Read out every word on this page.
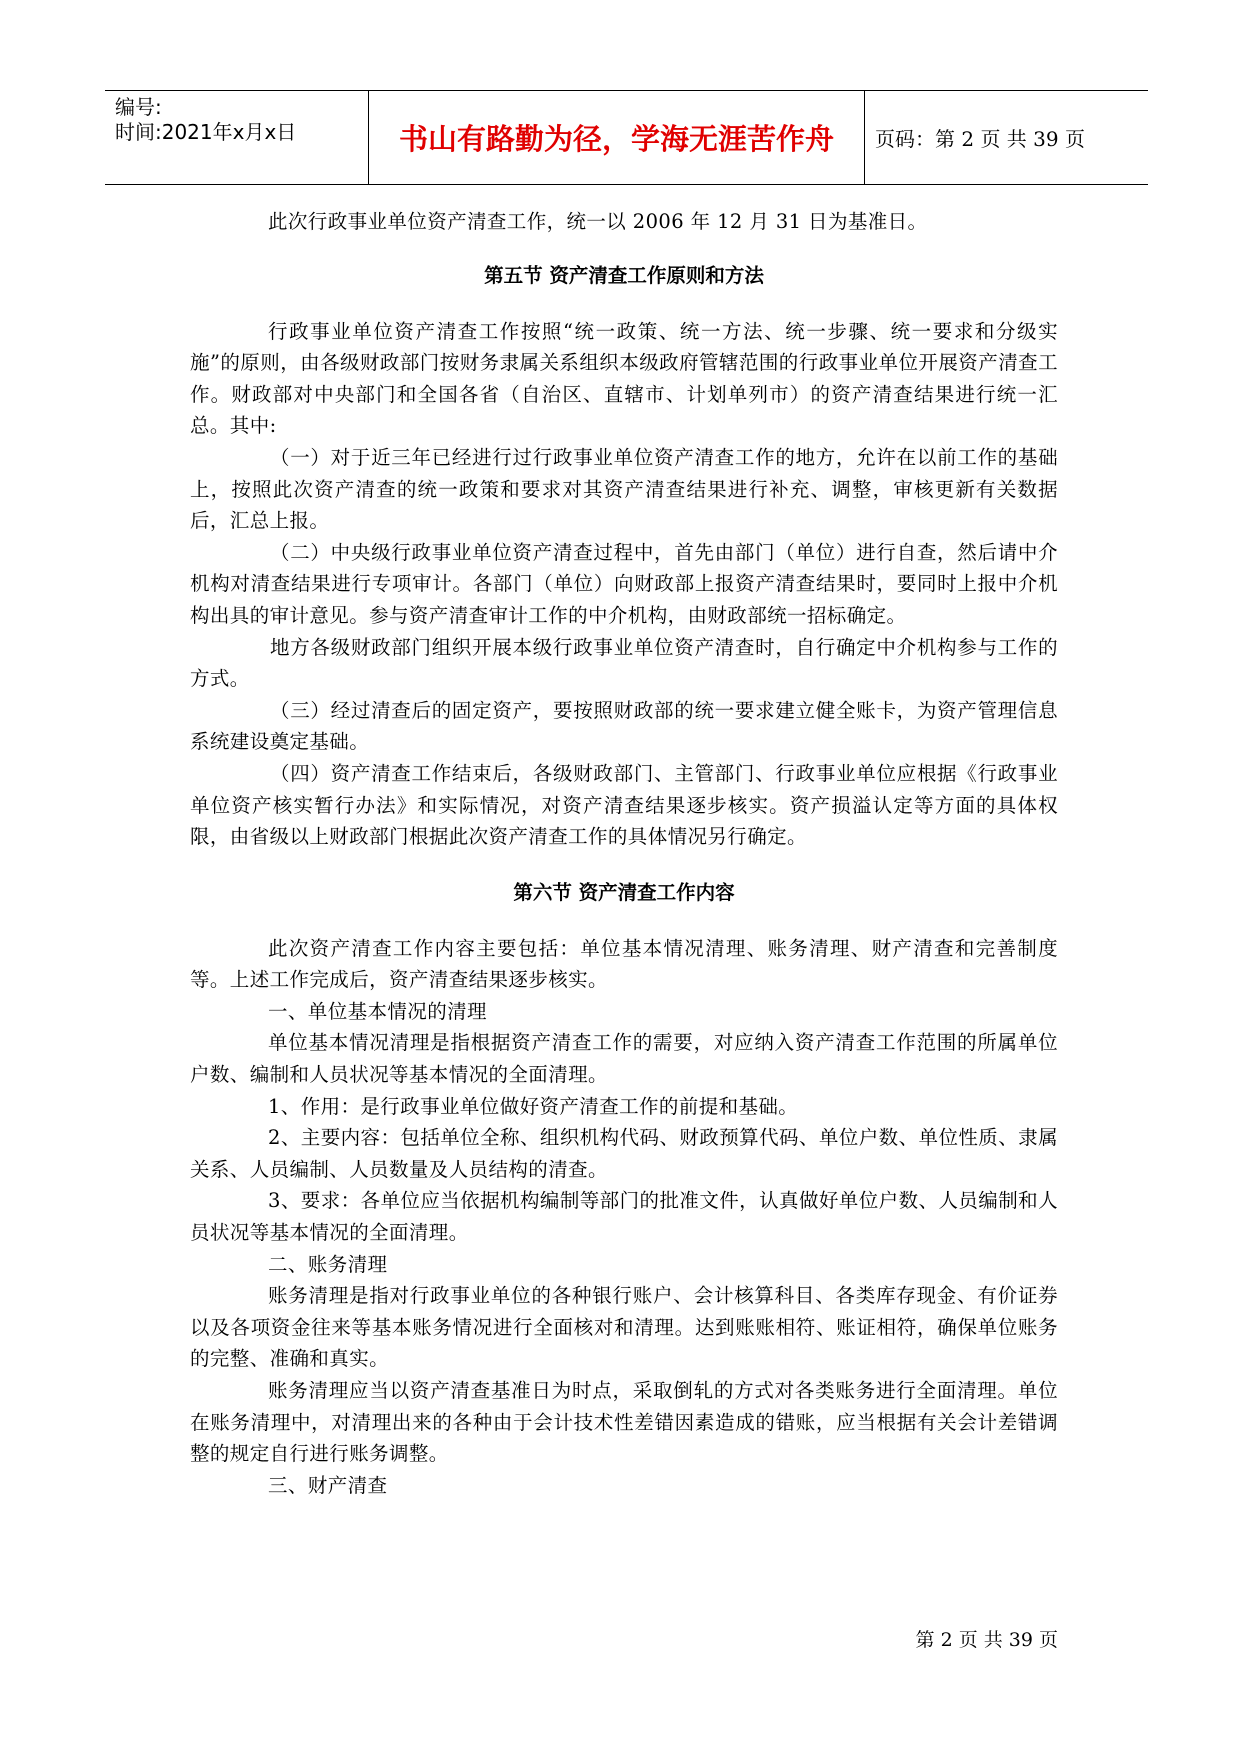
编号:
时间:2021年x月x日	书山有路勤为径，学海无涯苦作舟	页码：第 2 页 共 39 页

此次行政事业单位资产清查工作，统一以 2006 年 12 月 31 日为基准日。

第五节 资产清查工作原则和方法

行政事业单位资产清查工作按照“统一政策、统一方法、统一步骤、统一要求和分级实施”的原则，由各级财政部门按财务隶属关系组织本级政府管辖范围的行政事业单位开展资产清查工作。财政部对中央部门和全国各省（自治区、直辖市、计划单列市）的资产清查结果进行统一汇总。其中:

（一）对于近三年已经进行过行政事业单位资产清查工作的地方，允许在以前工作的基础上，按照此次资产清查的统一政策和要求对其资产清查结果进行补充、调整，审核更新有关数据后，汇总上报。

（二）中央级行政事业单位资产清查过程中，首先由部门（单位）进行自查，然后请中介机构对清查结果进行专项审计。各部门（单位）向财政部上报资产清查结果时，要同时上报中介机构出具的审计意见。参与资产清查审计工作的中介机构，由财政部统一招标确定。

地方各级财政部门组织开展本级行政事业单位资产清查时，自行确定中介机构参与工作的方式。

（三）经过清查后的固定资产，要按照财政部的统一要求建立健全账卡，为资产管理信息系统建设奠定基础。

（四）资产清查工作结束后，各级财政部门、主管部门、行政事业单位应根据《行政事业单位资产核实暂行办法》和实际情况，对资产清查结果逐步核实。资产损溢认定等方面的具体权限，由省级以上财政部门根据此次资产清查工作的具体情况另行确定。

第六节 资产清查工作内容

此次资产清查工作内容主要包括：单位基本情况清理、账务清理、财产清查和完善制度等。上述工作完成后，资产清查结果逐步核实。

一、单位基本情况的清理

单位基本情况清理是指根据资产清查工作的需要，对应纳入资产清查工作范围的所属单位户数、编制和人员状况等基本情况的全面清理。

1、作用：是行政事业单位做好资产清查工作的前提和基础。

2、主要内容：包括单位全称、组织机构代码、财政预算代码、单位户数、单位性质、隶属关系、人员编制、人员数量及人员结构的清查。

3、要求：各单位应当依据机构编制等部门的批准文件，认真做好单位户数、人员编制和人员状况等基本情况的全面清理。

二、账务清理

账务清理是指对行政事业单位的各种银行账户、会计核算科目、各类库存现金、有价证券以及各项资金往来等基本账务情况进行全面核对和清理。达到账账相符、账证相符，确保单位账务的完整、准确和真实。

账务清理应当以资产清查基准日为时点，采取倒轧的方式对各类账务进行全面清理。单位在账务清理中，对清理出来的各种由于会计技术性差错因素造成的错账，应当根据有关会计差错调整的规定自行进行账务调整。

三、财产清查

第 2 页 共 39 页
